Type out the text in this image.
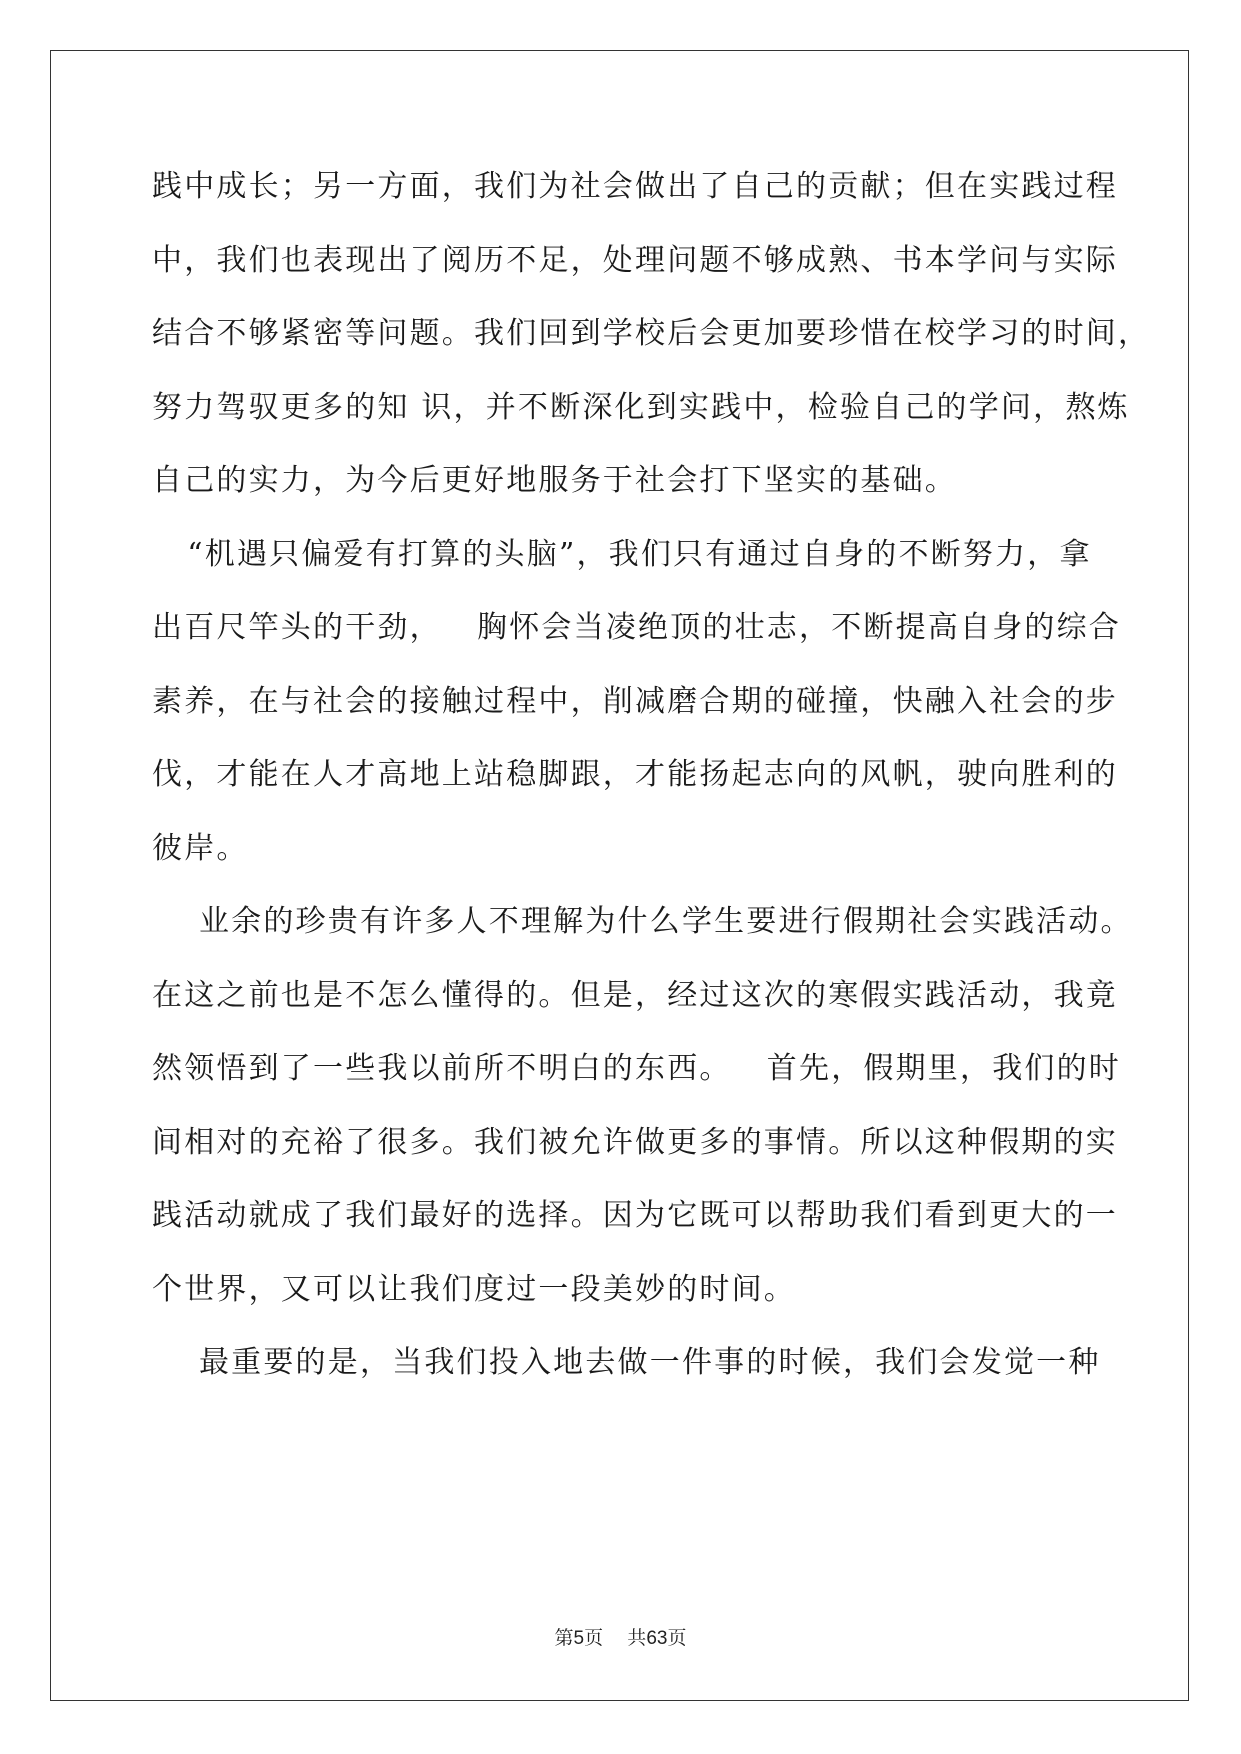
践中成长；另一方面，我们为社会做出了自己的贡献；但在实践过程
中，我们也表现出了阅历不足，处理问题不够成熟、书本学问与实际
结合不够紧密等问题。我们回到学校后会更加要珍惜在校学习的时间，
努力驾驭更多的知 识，并不断深化到实践中，检验自己的学问，熬炼
自己的实力，为今后更好地服务于社会打下坚实的基础。
“机遇只偏爱有打算的头脑”，我们只有通过自身的不断努力，拿
出百尺竿头的干劲，   胸怀会当凌绝顶的壮志，不断提高自身的综合
素养，在与社会的接触过程中，削减磨合期的碰撞，快融入社会的步
伐，才能在人才高地上站稳脚跟，才能扬起志向的风帆，驶向胜利的
彼岸。
业余的珍贵有许多人不理解为什么学生要进行假期社会实践活动。
在这之前也是不怎么懂得的。但是，经过这次的寒假实践活动，我竟
然领悟到了一些我以前所不明白的东西。   首先，假期里，我们的时
间相对的充裕了很多。我们被允许做更多的事情。所以这种假期的实
践活动就成了我们最好的选择。因为它既可以帮助我们看到更大的一
个世界，又可以让我们度过一段美妙的时间。
最重要的是，当我们投入地去做一件事的时候，我们会发觉一种
第5页 共63页
